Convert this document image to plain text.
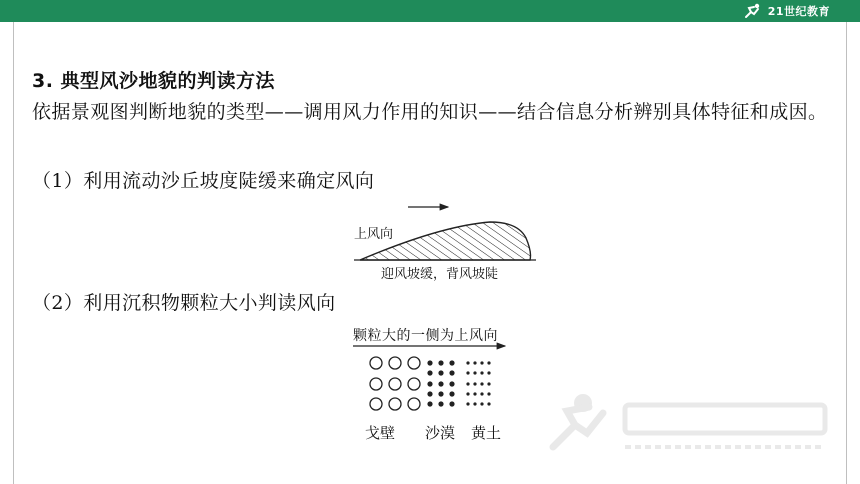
21世纪教育
3. 典型风沙地貌的判读方法
依据景观图判断地貌的类型——调用风力作用的知识——结合信息分析辨别具体特征和成因。
（1）利用流动沙丘坡度陡缓来确定风向
上风向
迎风坡缓，背风坡陡
（2）利用沉积物颗粒大小判读风向
颗粒大的一侧为上风向
戈壁 沙漠 黄土
